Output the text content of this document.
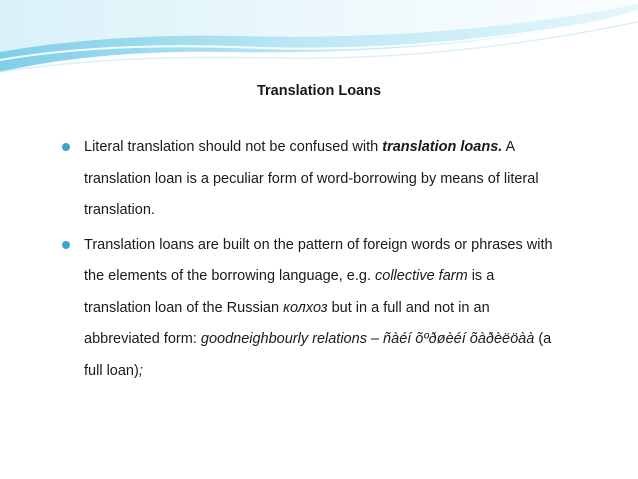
Translation Loans
Literal translation should not be confused with translation loans. A translation loan is a peculiar form of word-borrowing by means of literal translation.
Translation loans are built on the pattern of foreign words or phrases with the elements of the borrowing language, e.g. collective farm is a translation loan of the Russian колхоз but in a full and not in an abbreviated form: goodneighbourly relations – ñàéí õºðøèéí õàðèëöàà (a full loan);
